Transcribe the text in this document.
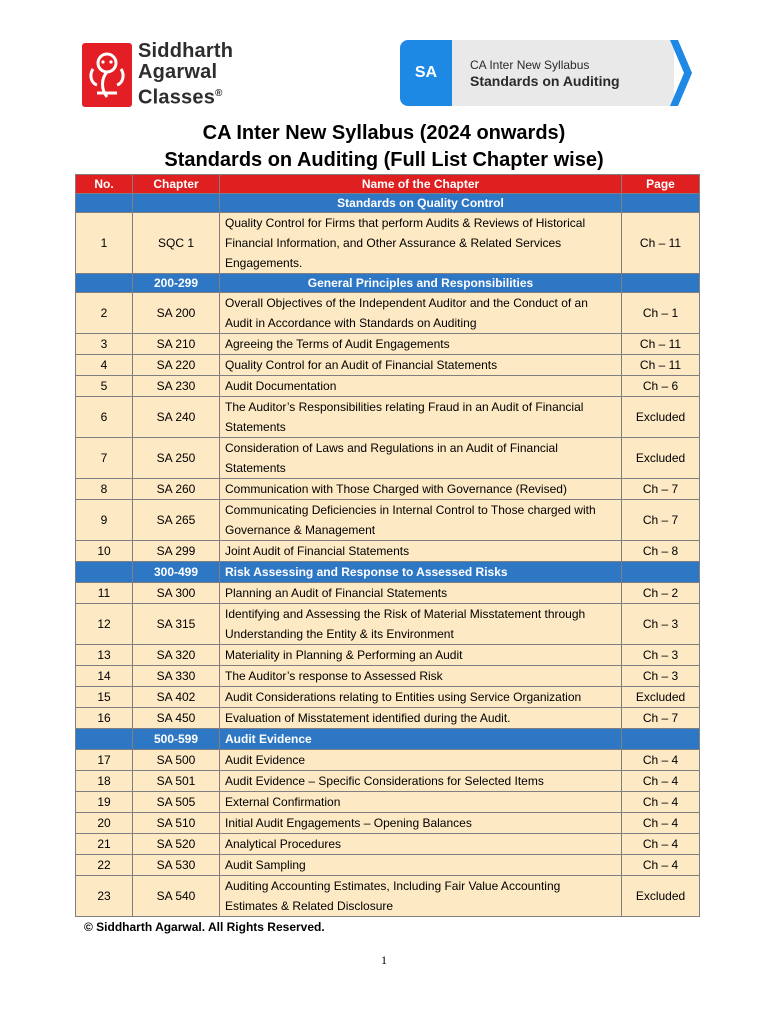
Siddharth
Agarwal
Classes®
SA	CA Inter New Syllabus
Standards on Auditing
CA Inter New Syllabus (2024 onwards)
Standards on Auditing (Full List Chapter wise)
No.	Chapter	Name of the Chapter	Page
		Standards on Quality Control	
1	SQC 1	Quality Control for Firms that perform Audits & Reviews of Historical Financial Information, and Other Assurance & Related Services Engagements.	Ch – 11
	200-299	General Principles and Responsibilities	
2	SA 200	Overall Objectives of the Independent Auditor and the Conduct of an Audit in Accordance with Standards on Auditing	Ch – 1
3	SA 210	Agreeing the Terms of Audit Engagements	Ch – 11
4	SA 220	Quality Control for an Audit of Financial Statements	Ch – 11
5	SA 230	Audit Documentation	Ch – 6
6	SA 240	The Auditor’s Responsibilities relating Fraud in an Audit of Financial Statements	Excluded
7	SA 250	Consideration of Laws and Regulations in an Audit of Financial Statements	Excluded
8	SA 260	Communication with Those Charged with Governance (Revised)	Ch – 7
9	SA 265	Communicating Deficiencies in Internal Control to Those charged with Governance & Management	Ch – 7
10	SA 299	Joint Audit of Financial Statements	Ch – 8
	300-499	Risk Assessing and Response to Assessed Risks	
11	SA 300	Planning an Audit of Financial Statements	Ch – 2
12	SA 315	Identifying and Assessing the Risk of Material Misstatement through Understanding the Entity & its Environment	Ch – 3
13	SA 320	Materiality in Planning & Performing an Audit	Ch – 3
14	SA 330	The Auditor’s response to Assessed Risk	Ch – 3
15	SA 402	Audit Considerations relating to Entities using Service Organization	Excluded
16	SA 450	Evaluation of Misstatement identified during the Audit.	Ch – 7
	500-599	Audit Evidence	
17	SA 500	Audit Evidence	Ch – 4
18	SA 501	Audit Evidence – Specific Considerations for Selected Items	Ch – 4
19	SA 505	External Confirmation	Ch – 4
20	SA 510	Initial Audit Engagements – Opening Balances	Ch – 4
21	SA 520	Analytical Procedures	Ch – 4
22	SA 530	Audit Sampling	Ch – 4
23	SA 540	Auditing Accounting Estimates, Including Fair Value Accounting Estimates & Related Disclosure	Excluded
© Siddharth Agarwal. All Rights Reserved.
1
